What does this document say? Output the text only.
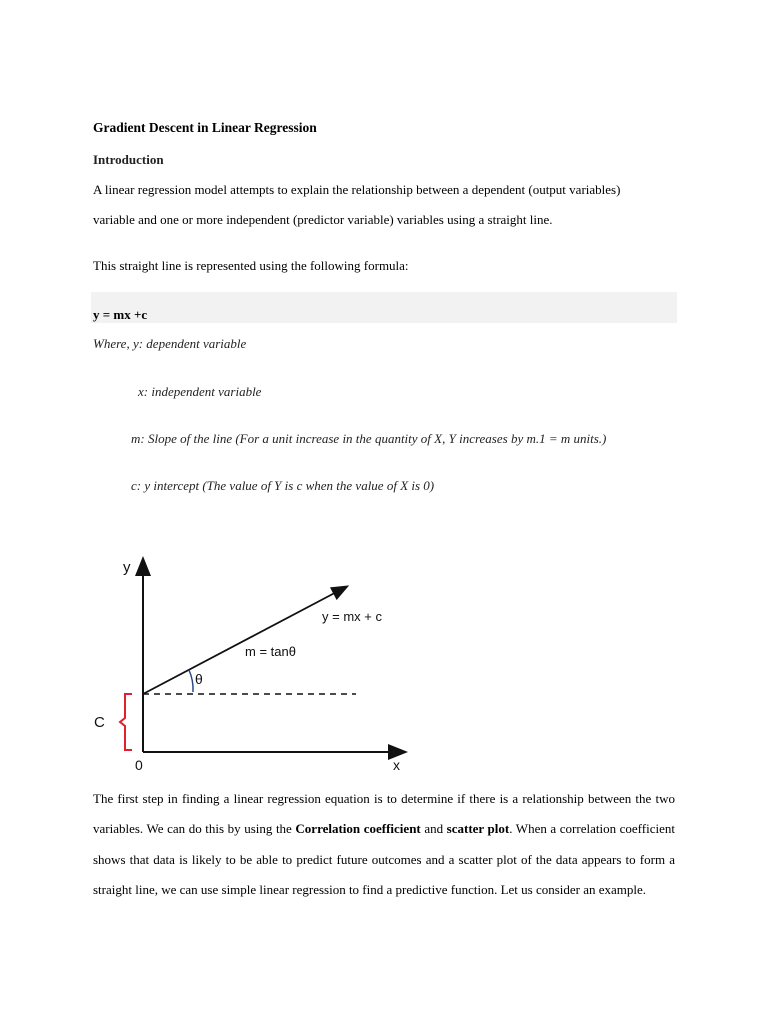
Gradient Descent in Linear Regression
Introduction
A linear regression model attempts to explain the relationship between a dependent (output variables)
variable and one or more independent (predictor variable) variables using a straight line.
This straight line is represented using the following formula:
y = mx +c
Where, y: dependent variable
x: independent variable
m: Slope of the line (For a unit increase in the quantity of X, Y increases by m.1 = m units.)
c: y intercept (The value of Y is c when the value of X is 0)
y
x
0
C
θ
m = tanθ
y = mx + c
The first step in finding a linear regression equation is to determine if there is a relationship between the two variables. We can do this by using the Correlation coefficient and scatter plot. When a correlation coefficient shows that data is likely to be able to predict future outcomes and a scatter plot of the data appears to form a straight line, we can use simple linear regression to find a predictive function. Let us consider an example.
